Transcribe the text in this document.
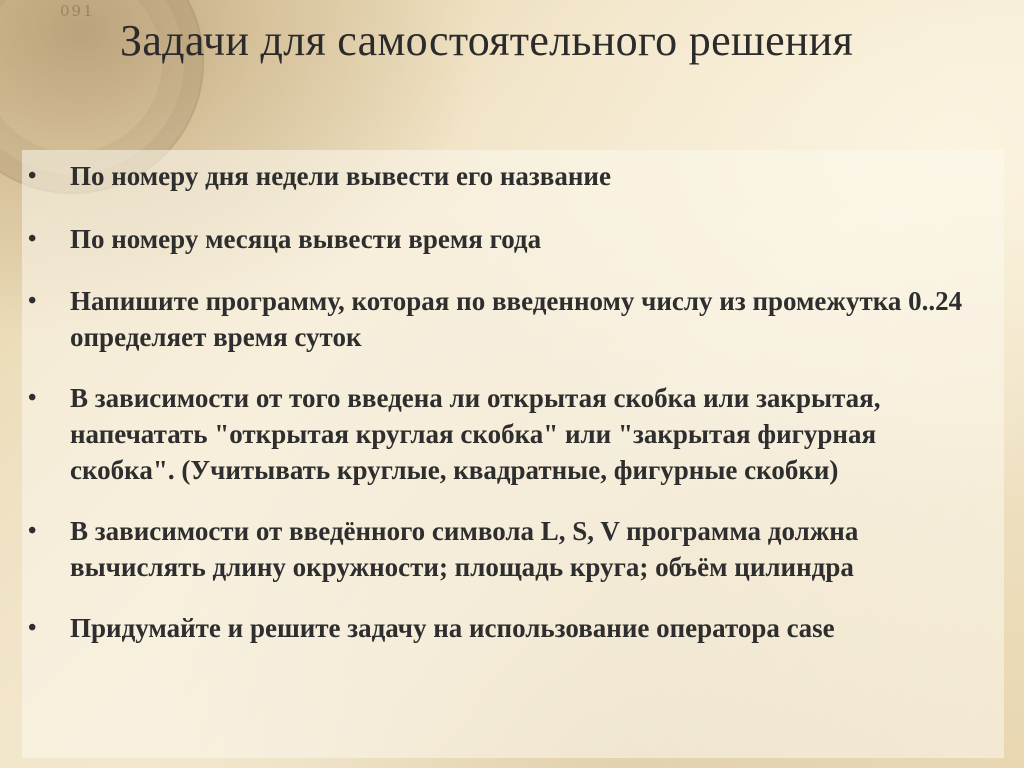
091
Задачи для самостоятельного решения
• По номеру дня недели вывести его название
• По номеру месяца вывести время года
• Напишите программу, которая по введенному числу из промежутка 0..24 определяет время суток
• В зависимости от того введена ли открытая скобка или закрытая, напечатать "открытая круглая скобка" или "закрытая фигурная скобка". (Учитывать круглые, квадратные, фигурные скобки)
• В зависимости от введённого символа L, S, V программа должна вычислять длину окружности; площадь круга; объём цилиндра
• Придумайте и решите задачу на использование оператора case
